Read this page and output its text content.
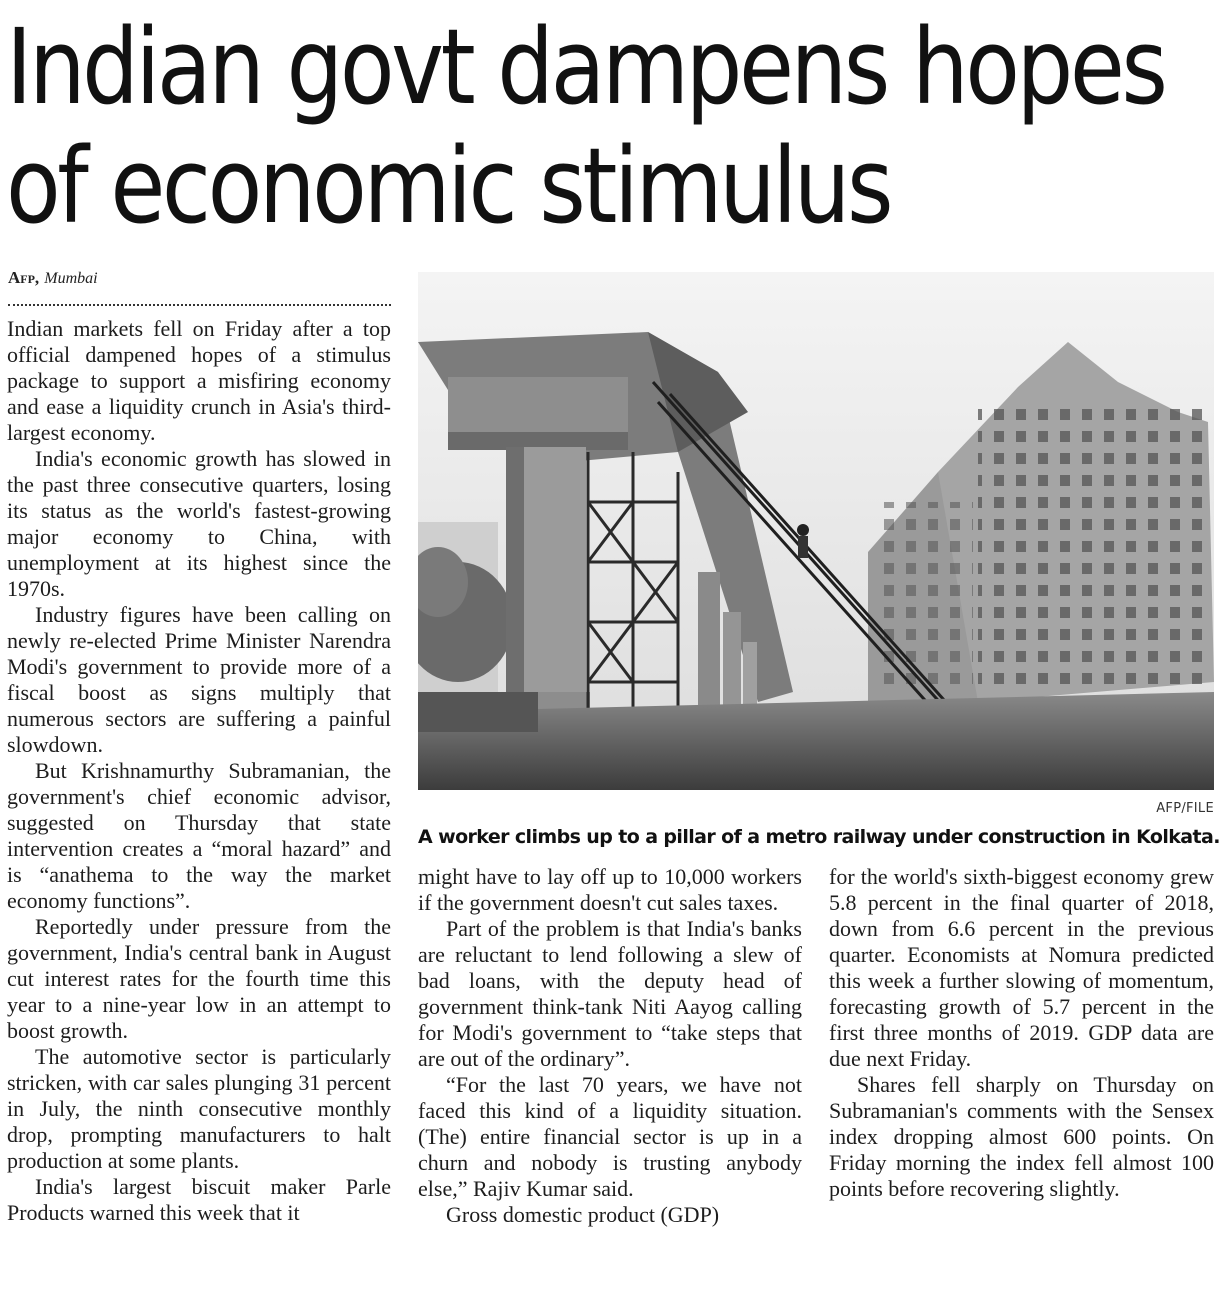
Indian govt dampens hopes
of economic stimulus
Afp, Mumbai

Indian markets fell on Friday after a top official dampened hopes of a stimulus package to support a misfiring economy and ease a liquidity crunch in Asia's third-largest economy.

India's economic growth has slowed in the past three consecutive quarters, losing its status as the world's fastest-growing major economy to China, with unemployment at its highest since the 1970s.

Industry figures have been calling on newly re-elected Prime Minister Narendra Modi's government to provide more of a fiscal boost as signs multiply that numerous sectors are suffering a painful slowdown.

But Krishnamurthy Subramanian, the government's chief economic advisor, suggested on Thursday that state intervention creates a “moral hazard” and is “anathema to the way the market economy functions”.

Reportedly under pressure from the government, India's central bank in August cut interest rates for the fourth time this year to a nine-year low in an attempt to boost growth.

The automotive sector is particularly stricken, with car sales plunging 31 percent in July, the ninth consecutive monthly drop, prompting manufacturers to halt production at some plants.

India's largest biscuit maker Parle Products warned this week that it

AFP/FILE
A worker climbs up to a pillar of a metro railway under construction in Kolkata.

might have to lay off up to 10,000 workers if the government doesn't cut sales taxes.

Part of the problem is that India's banks are reluctant to lend following a slew of bad loans, with the deputy head of government think-tank Niti Aayog calling for Modi's government to “take steps that are out of the ordinary”.

“For the last 70 years, we have not faced this kind of a liquidity situation. (The) entire financial sector is up in a churn and nobody is trusting anybody else,” Rajiv Kumar said.

Gross domestic product (GDP)

for the world's sixth-biggest economy grew 5.8 percent in the final quarter of 2018, down from 6.6 percent in the previous quarter. Economists at Nomura predicted this week a further slowing of momentum, forecasting growth of 5.7 percent in the first three months of 2019. GDP data are due next Friday.

Shares fell sharply on Thursday on Subramanian's comments with the Sensex index dropping almost 600 points. On Friday morning the index fell almost 100 points before recovering slightly.
